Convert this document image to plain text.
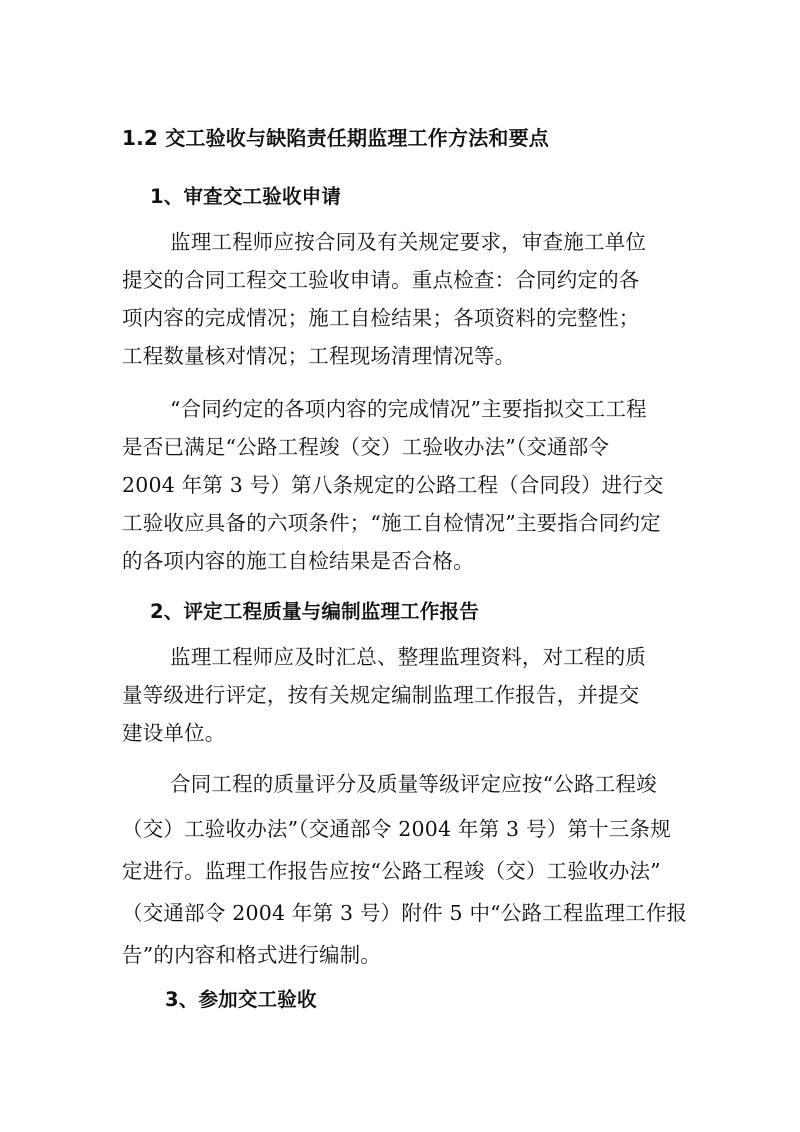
1.2 交工验收与缺陷责任期监理工作方法和要点
1、审查交工验收申请
监理工程师应按合同及有关规定要求，审查施工单位
提交的合同工程交工验收申请。重点检查：合同约定的各
项内容的完成情况；施工自检结果；各项资料的完整性；
工程数量核对情况；工程现场清理情况等。
“合同约定的各项内容的完成情况”主要指拟交工工程
是否已满足“公路工程竣（交）工验收办法”（交通部令
2004 年第 3 号）第八条规定的公路工程（合同段）进行交
工验收应具备的六项条件；“施工自检情况”主要指合同约定
的各项内容的施工自检结果是否合格。
2、评定工程质量与编制监理工作报告
监理工程师应及时汇总、整理监理资料，对工程的质
量等级进行评定，按有关规定编制监理工作报告，并提交
建设单位。
合同工程的质量评分及质量等级评定应按“公路工程竣
（交）工验收办法”（交通部令 2004 年第 3 号）第十三条规
定进行。监理工作报告应按“公路工程竣（交）工验收办法”
（交通部令 2004 年第 3 号）附件 5 中“公路工程监理工作报
告”的内容和格式进行编制。
3、参加交工验收
